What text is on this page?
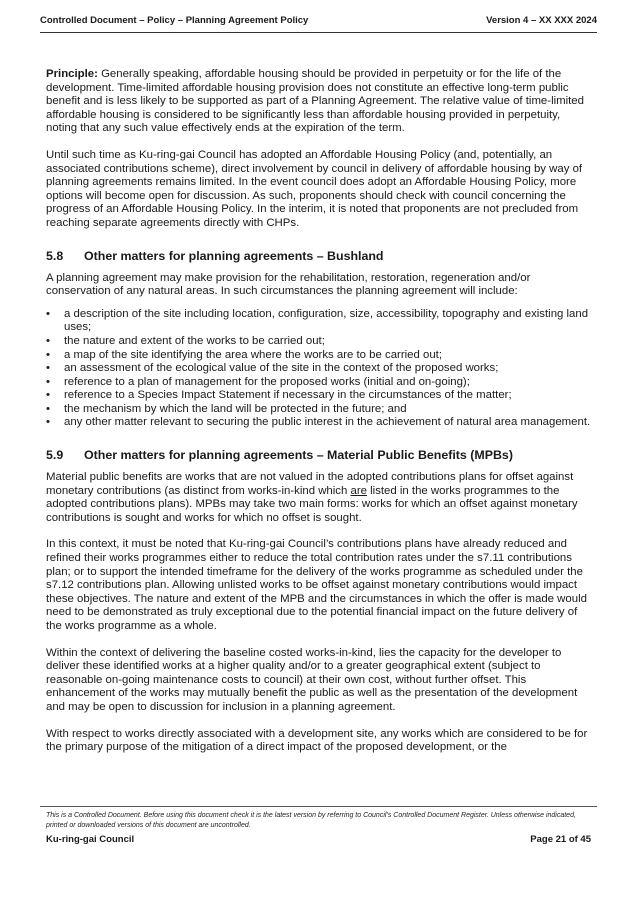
Controlled Document – Policy – Planning Agreement Policy	Version 4 – XX XXX 2024

Principle: Generally speaking, affordable housing should be provided in perpetuity or for the life of the development. Time-limited affordable housing provision does not constitute an effective long-term public benefit and is less likely to be supported as part of a Planning Agreement. The relative value of time-limited affordable housing is considered to be significantly less than affordable housing provided in perpetuity, noting that any such value effectively ends at the expiration of the term.

Until such time as Ku-ring-gai Council has adopted an Affordable Housing Policy (and, potentially, an associated contributions scheme), direct involvement by council in delivery of affordable housing by way of planning agreements remains limited. In the event council does adopt an Affordable Housing Policy, more options will become open for discussion. As such, proponents should check with council concerning the progress of an Affordable Housing Policy. In the interim, it is noted that proponents are not precluded from reaching separate agreements directly with CHPs.

5.8	Other matters for planning agreements – Bushland

A planning agreement may make provision for the rehabilitation, restoration, regeneration and/or conservation of any natural areas. In such circumstances the planning agreement will include:

• a description of the site including location, configuration, size, accessibility, topography and existing land uses;
• the nature and extent of the works to be carried out;
• a map of the site identifying the area where the works are to be carried out;
• an assessment of the ecological value of the site in the context of the proposed works;
• reference to a plan of management for the proposed works (initial and on-going);
• reference to a Species Impact Statement if necessary in the circumstances of the matter;
• the mechanism by which the land will be protected in the future; and
• any other matter relevant to securing the public interest in the achievement of natural area management.
5.9	Other matters for planning agreements – Material Public Benefits (MPBs)

Material public benefits are works that are not valued in the adopted contributions plans for offset against monetary contributions (as distinct from works-in-kind which are listed in the works programmes to the adopted contributions plans). MPBs may take two main forms: works for which an offset against monetary contributions is sought and works for which no offset is sought.

In this context, it must be noted that Ku-ring-gai Council’s contributions plans have already reduced and refined their works programmes either to reduce the total contribution rates under the s7.11 contributions plan; or to support the intended timeframe for the delivery of the works programme as scheduled under the s7.12 contributions plan. Allowing unlisted works to be offset against monetary contributions would impact these objectives. The nature and extent of the MPB and the circumstances in which the offer is made would need to be demonstrated as truly exceptional due to the potential financial impact on the future delivery of the works programme as a whole.

Within the context of delivering the baseline costed works-in-kind, lies the capacity for the developer to deliver these identified works at a higher quality and/or to a greater geographical extent (subject to reasonable on-going maintenance costs to council) at their own cost, without further offset. This enhancement of the works may mutually benefit the public as well as the presentation of the development and may be open to discussion for inclusion in a planning agreement.

With respect to works directly associated with a development site, any works which are considered to be for the primary purpose of the mitigation of a direct impact of the proposed development, or the

This is a Controlled Document. Before using this document check it is the latest version by referring to Council’s Controlled Document Register. Unless otherwise indicated, printed or downloaded versions of this document are uncontrolled.
Ku-ring-gai Council	Page 21 of 45
